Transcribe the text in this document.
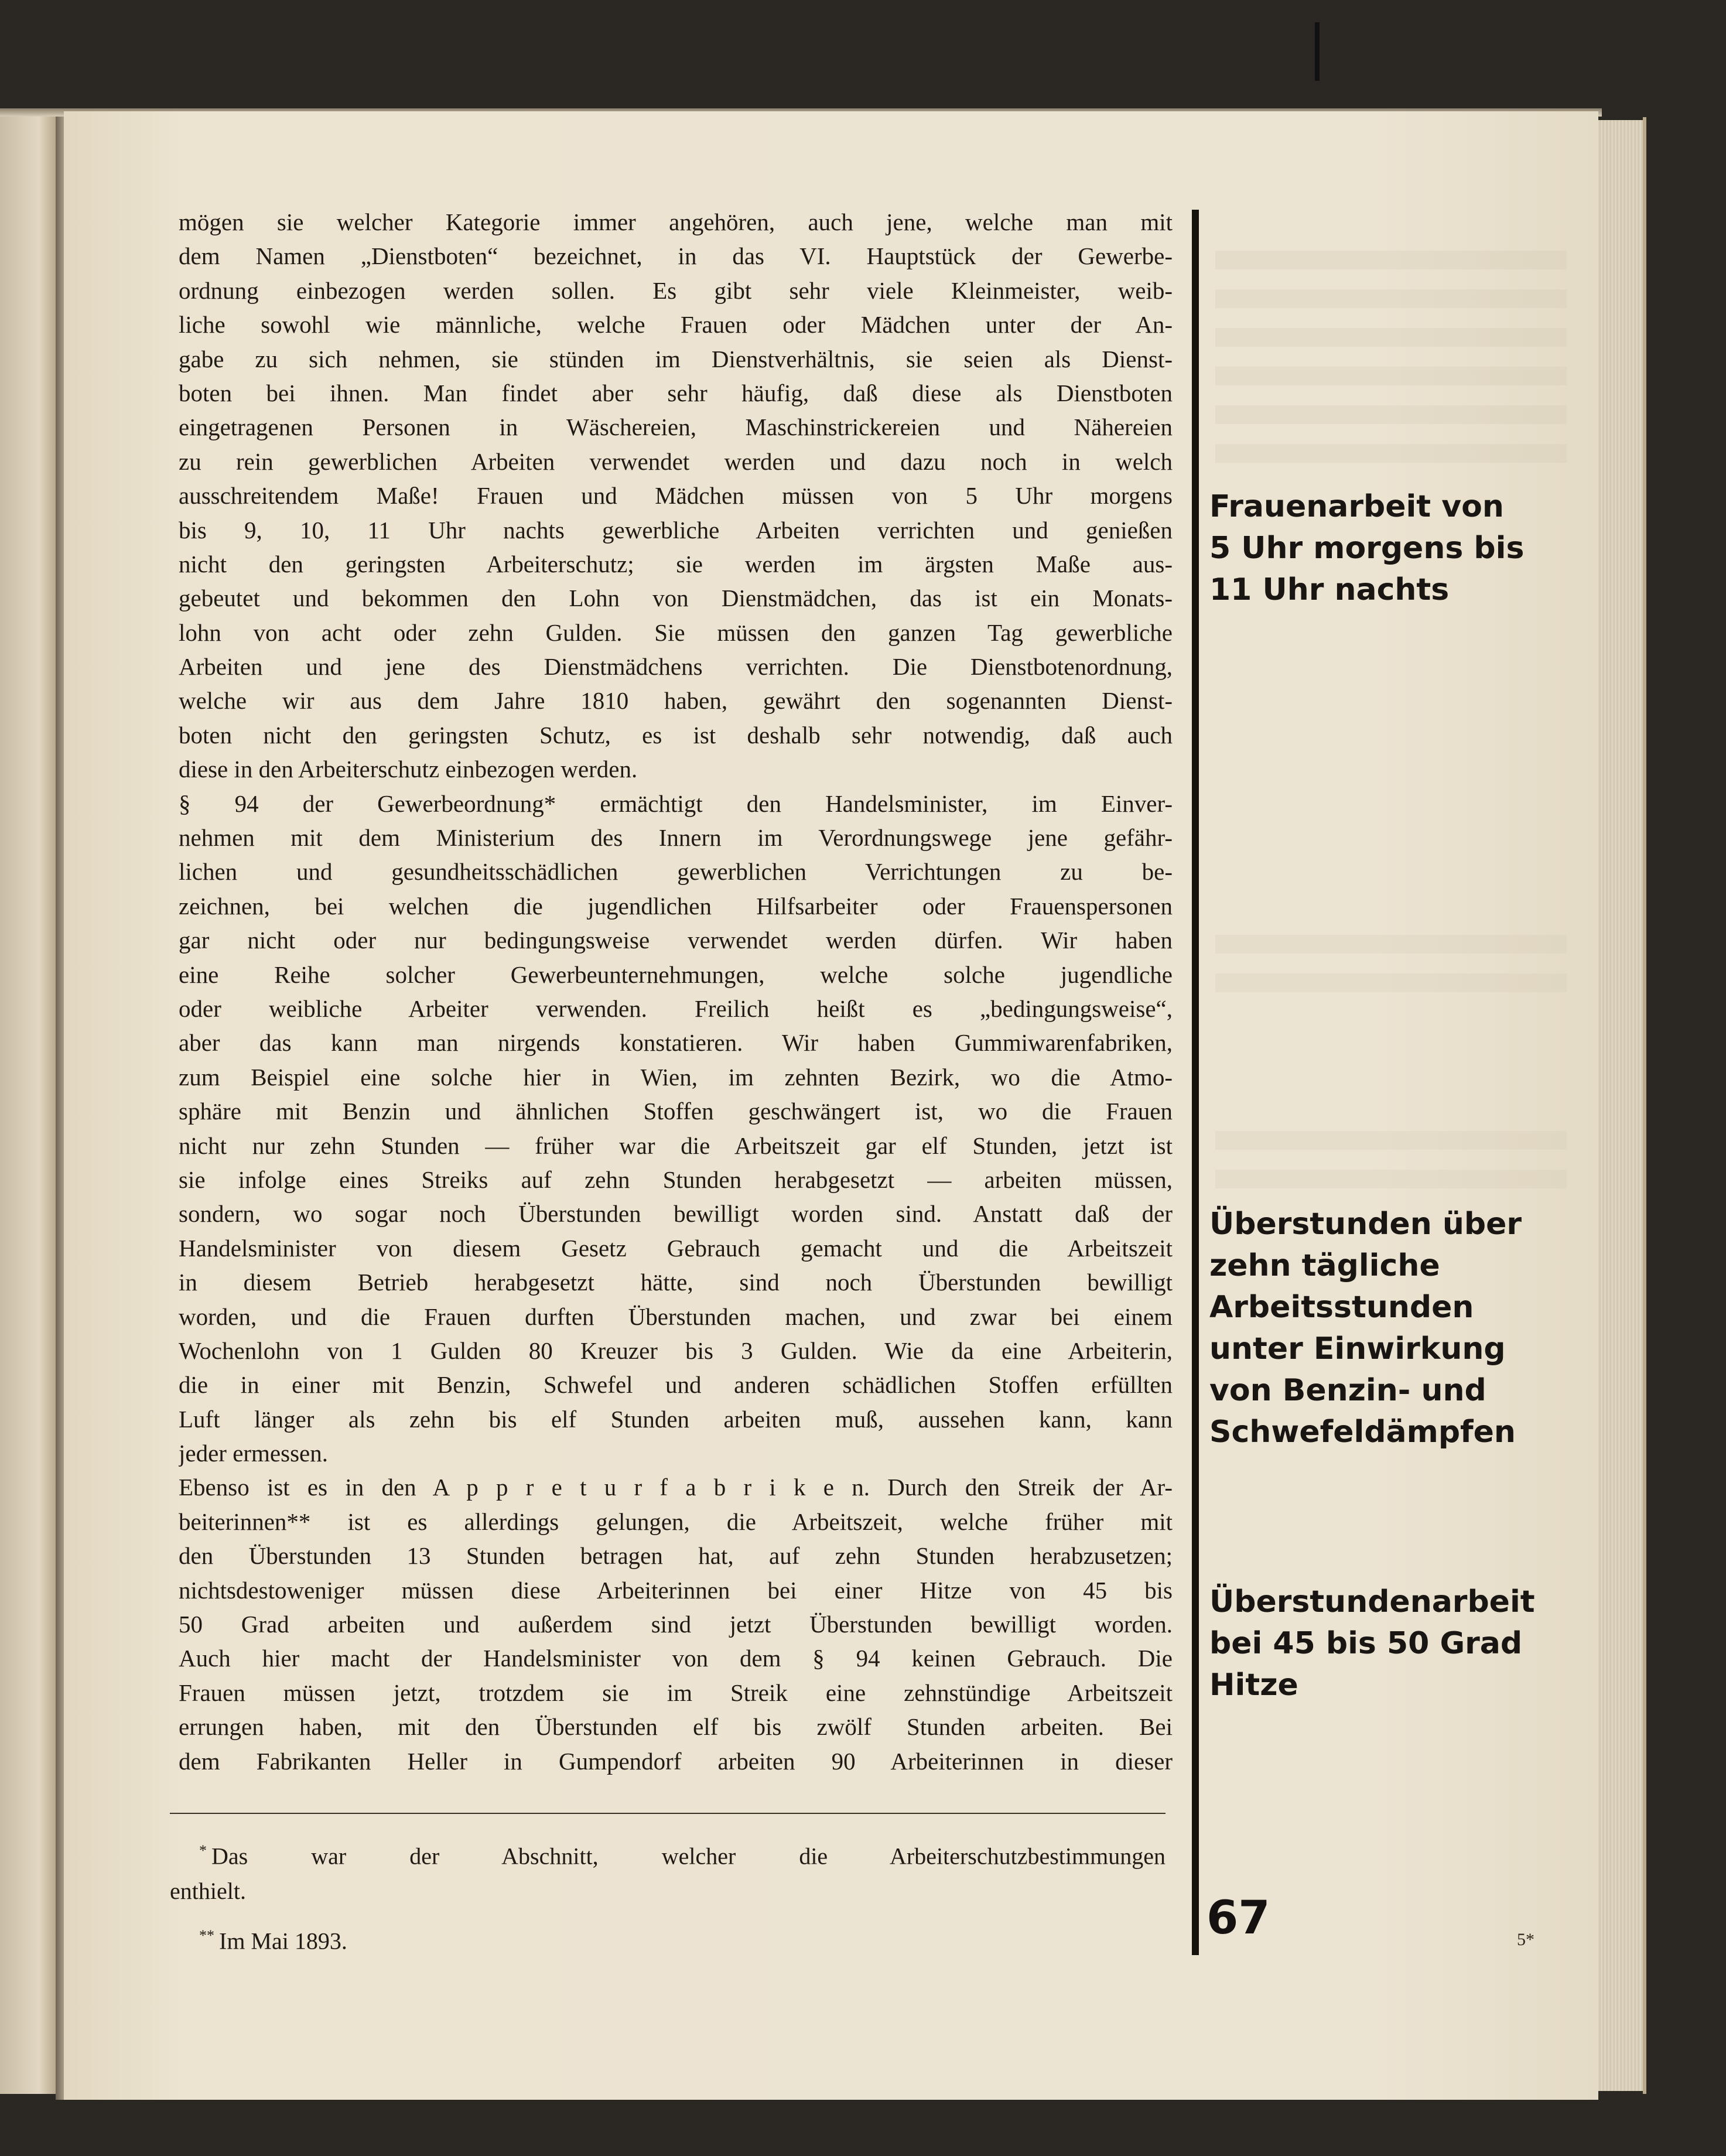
mögen sie welcher Kategorie immer angehören, auch jene, welche man mit
dem Namen „Dienstboten“ bezeichnet, in das VI. Hauptstück der Gewerbe-
ordnung einbezogen werden sollen. Es gibt sehr viele Kleinmeister, weib-
liche sowohl wie männliche, welche Frauen oder Mädchen unter der An-
gabe zu sich nehmen, sie stünden im Dienstverhältnis, sie seien als Dienst-
boten bei ihnen. Man findet aber sehr häufig, daß diese als Dienstboten
eingetragenen Personen in Wäschereien, Maschinstrickereien und Nähereien
zu rein gewerblichen Arbeiten verwendet werden und dazu noch in welch
ausschreitendem Maße! Frauen und Mädchen müssen von 5 Uhr morgens
bis 9, 10, 11 Uhr nachts gewerbliche Arbeiten verrichten und genießen
nicht den geringsten Arbeiterschutz; sie werden im ärgsten Maße aus-
gebeutet und bekommen den Lohn von Dienstmädchen, das ist ein Monats-
lohn von acht oder zehn Gulden. Sie müssen den ganzen Tag gewerbliche
Arbeiten und jene des Dienstmädchens verrichten. Die Dienstbotenordnung,
welche wir aus dem Jahre 1810 haben, gewährt den sogenannten Dienst-
boten nicht den geringsten Schutz, es ist deshalb sehr notwendig, daß auch
diese in den Arbeiterschutz einbezogen werden.
§ 94 der Gewerbeordnung* ermächtigt den Handelsminister, im Einver-
nehmen mit dem Ministerium des Innern im Verordnungswege jene gefähr-
lichen und gesundheitsschädlichen gewerblichen Verrichtungen zu be-
zeichnen, bei welchen die jugendlichen Hilfsarbeiter oder Frauenspersonen
gar nicht oder nur bedingungsweise verwendet werden dürfen. Wir haben
eine Reihe solcher Gewerbeunternehmungen, welche solche jugendliche
oder weibliche Arbeiter verwenden. Freilich heißt es „bedingungsweise“,
aber das kann man nirgends konstatieren. Wir haben Gummiwarenfabriken,
zum Beispiel eine solche hier in Wien, im zehnten Bezirk, wo die Atmo-
sphäre mit Benzin und ähnlichen Stoffen geschwängert ist, wo die Frauen
nicht nur zehn Stunden — früher war die Arbeitszeit gar elf Stunden, jetzt ist
sie infolge eines Streiks auf zehn Stunden herabgesetzt — arbeiten müssen,
sondern, wo sogar noch Überstunden bewilligt worden sind. Anstatt daß der
Handelsminister von diesem Gesetz Gebrauch gemacht und die Arbeitszeit
in diesem Betrieb herabgesetzt hätte, sind noch Überstunden bewilligt
worden, und die Frauen durften Überstunden machen, und zwar bei einem
Wochenlohn von 1 Gulden 80 Kreuzer bis 3 Gulden. Wie da eine Arbeiterin,
die in einer mit Benzin, Schwefel und anderen schädlichen Stoffen erfüllten
Luft länger als zehn bis elf Stunden arbeiten muß, aussehen kann, kann
jeder ermessen.
Ebenso ist es in den A p p r e t u r f a b r i k e n. Durch den Streik der Ar-
beiterinnen** ist es allerdings gelungen, die Arbeitszeit, welche früher mit
den Überstunden 13 Stunden betragen hat, auf zehn Stunden herabzusetzen;
nichtsdestoweniger müssen diese Arbeiterinnen bei einer Hitze von 45 bis
50 Grad arbeiten und außerdem sind jetzt Überstunden bewilligt worden.
Auch hier macht der Handelsminister von dem § 94 keinen Gebrauch. Die
Frauen müssen jetzt, trotzdem sie im Streik eine zehnstündige Arbeitszeit
errungen haben, mit den Überstunden elf bis zwölf Stunden arbeiten. Bei
dem Fabrikanten Heller in Gumpendorf arbeiten 90 Arbeiterinnen in dieser
* Das war der Abschnitt, welcher die Arbeiterschutzbestimmungen
enthielt.
** Im Mai 1893.
Frauenarbeit von
5 Uhr morgens bis
11 Uhr nachts
Überstunden über
zehn tägliche
Arbeitsstunden
unter Einwirkung
von Benzin- und
Schwefeldämpfen
Überstundenarbeit
bei 45 bis 50 Grad
Hitze
67	5*
